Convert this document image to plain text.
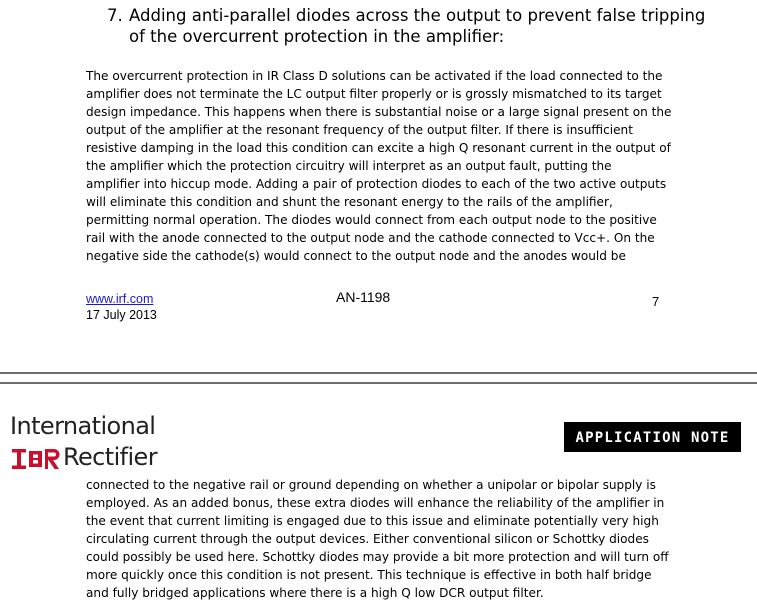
7. Adding anti-parallel diodes across the output to prevent false tripping of the overcurrent protection in the amplifier:
The overcurrent protection in IR Class D solutions can be activated if the load connected to the
amplifier does not terminate the LC output filter properly or is grossly mismatched to its target
design impedance. This happens when there is substantial noise or a large signal present on the
output of the amplifier at the resonant frequency of the output filter. If there is insufficient
resistive damping in the load this condition can excite a high Q resonant current in the output of
the amplifier which the protection circuitry will interpret as an output fault, putting the
amplifier into hiccup mode. Adding a pair of protection diodes to each of the two active outputs
will eliminate this condition and shunt the resonant energy to the rails of the amplifier,
permitting normal operation. The diodes would connect from each output node to the positive
rail with the anode connected to the output node and the cathode connected to Vcc+. On the
negative side the cathode(s) would connect to the output node and the anodes would be
www.irf.com
17 July 2013
AN-1198	7
International
Rectifier
APPLICATION NOTE
connected to the negative rail or ground depending on whether a unipolar or bipolar supply is
employed. As an added bonus, these extra diodes will enhance the reliability of the amplifier in
the event that current limiting is engaged due to this issue and eliminate potentially very high
circulating current through the output devices. Either conventional silicon or Schottky diodes
could possibly be used here. Schottky diodes may provide a bit more protection and will turn off
more quickly once this condition is not present. This technique is effective in both half bridge
and fully bridged applications where there is a high Q low DCR output filter.
